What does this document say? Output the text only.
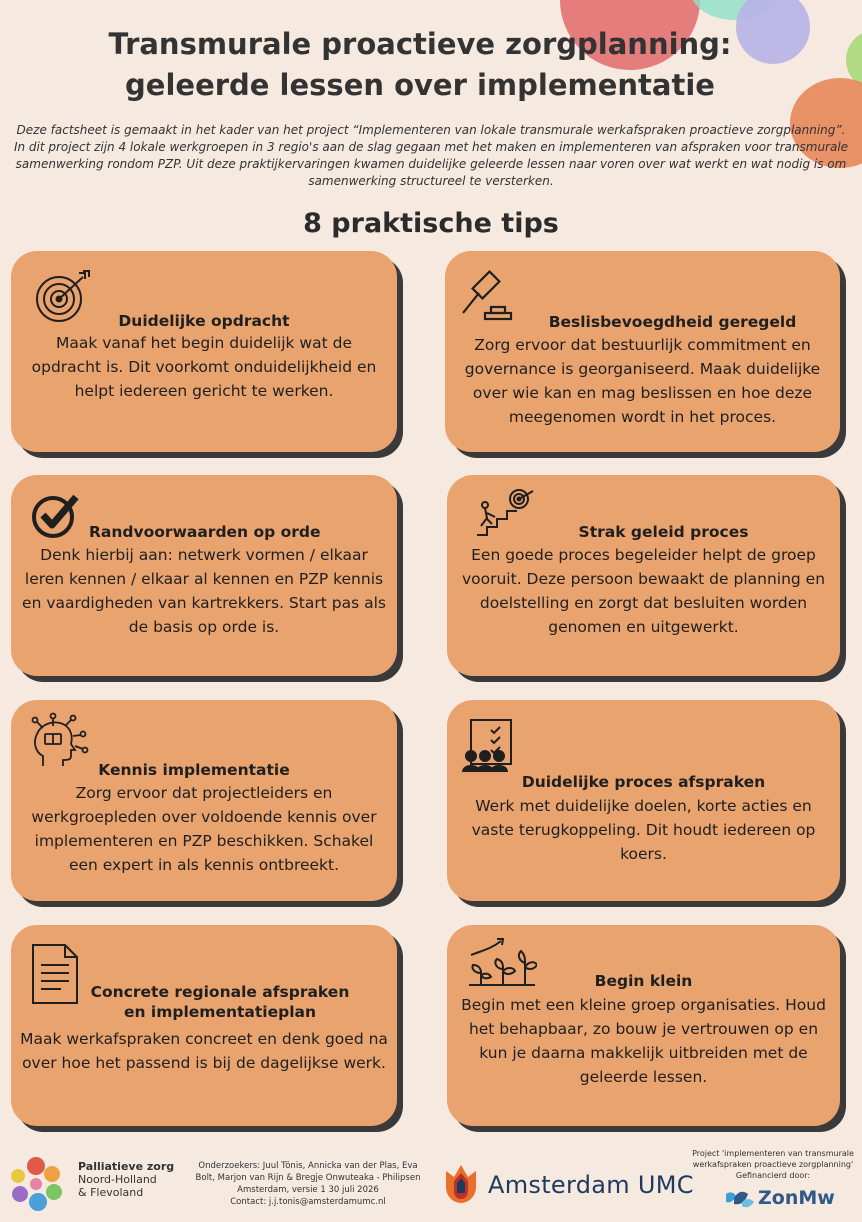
Transmurale proactieve zorgplanning:
geleerde lessen over implementatie
Deze factsheet is gemaakt in het kader van het project “Implementeren van lokale transmurale werkafspraken proactieve zorgplanning”.
In dit project zijn 4 lokale werkgroepen in 3 regio's aan de slag gegaan met het maken en implementeren van afspraken voor transmurale
samenwerking rondom PZP. Uit deze praktijkervaringen kwamen duidelijke geleerde lessen naar voren over wat werkt en wat nodig is om
samenwerking structureel te versterken.
8 praktische tips
Duidelijke opdracht
Maak vanaf het begin duidelijk wat de opdracht is. Dit voorkomt onduidelijkheid en helpt iedereen gericht te werken.
Beslisbevoegdheid geregeld
Zorg ervoor dat bestuurlijk commitment en governance is georganiseerd. Maak duidelijke over wie kan en mag beslissen en hoe deze meegenomen wordt in het proces.
Randvoorwaarden op orde
Denk hierbij aan: netwerk vormen / elkaar leren kennen / elkaar al kennen en PZP kennis en vaardigheden van kartrekkers. Start pas als de basis op orde is.
Strak geleid proces
Een goede proces begeleider helpt de groep vooruit. Deze persoon bewaakt de planning en doelstelling en zorgt dat besluiten worden genomen en uitgewerkt.
Kennis implementatie
Zorg ervoor dat projectleiders en werkgroepleden over voldoende kennis over implementeren en PZP beschikken. Schakel een expert in als kennis ontbreekt.
Duidelijke proces afspraken
Werk met duidelijke doelen, korte acties en vaste terugkoppeling. Dit houdt iedereen op koers.
Concrete regionale afspraken en implementatieplan
Maak werkafspraken concreet en denk goed na over hoe het passend is bij de dagelijkse werk.
Begin klein
Begin met een kleine groep organisaties. Houd het behapbaar, zo bouw je vertrouwen op en kun je daarna makkelijk uitbreiden met de geleerde lessen.
Palliatieve zorg
Noord-Holland
& Flevoland
Onderzoekers: Juul Tönis, Annicka van der Plas, Eva
Bolt, Marjon van Rijn & Bregje Onwuteaka - Philipsen
Amsterdam, versie 1 30 juli 2026
Contact: j.j.tonis@amsterdamumc.nl
Amsterdam UMC
Project 'implementeren van transmurale
werkafspraken proactieve zorgplanning'
Gefinancierd door:
ZonMw
